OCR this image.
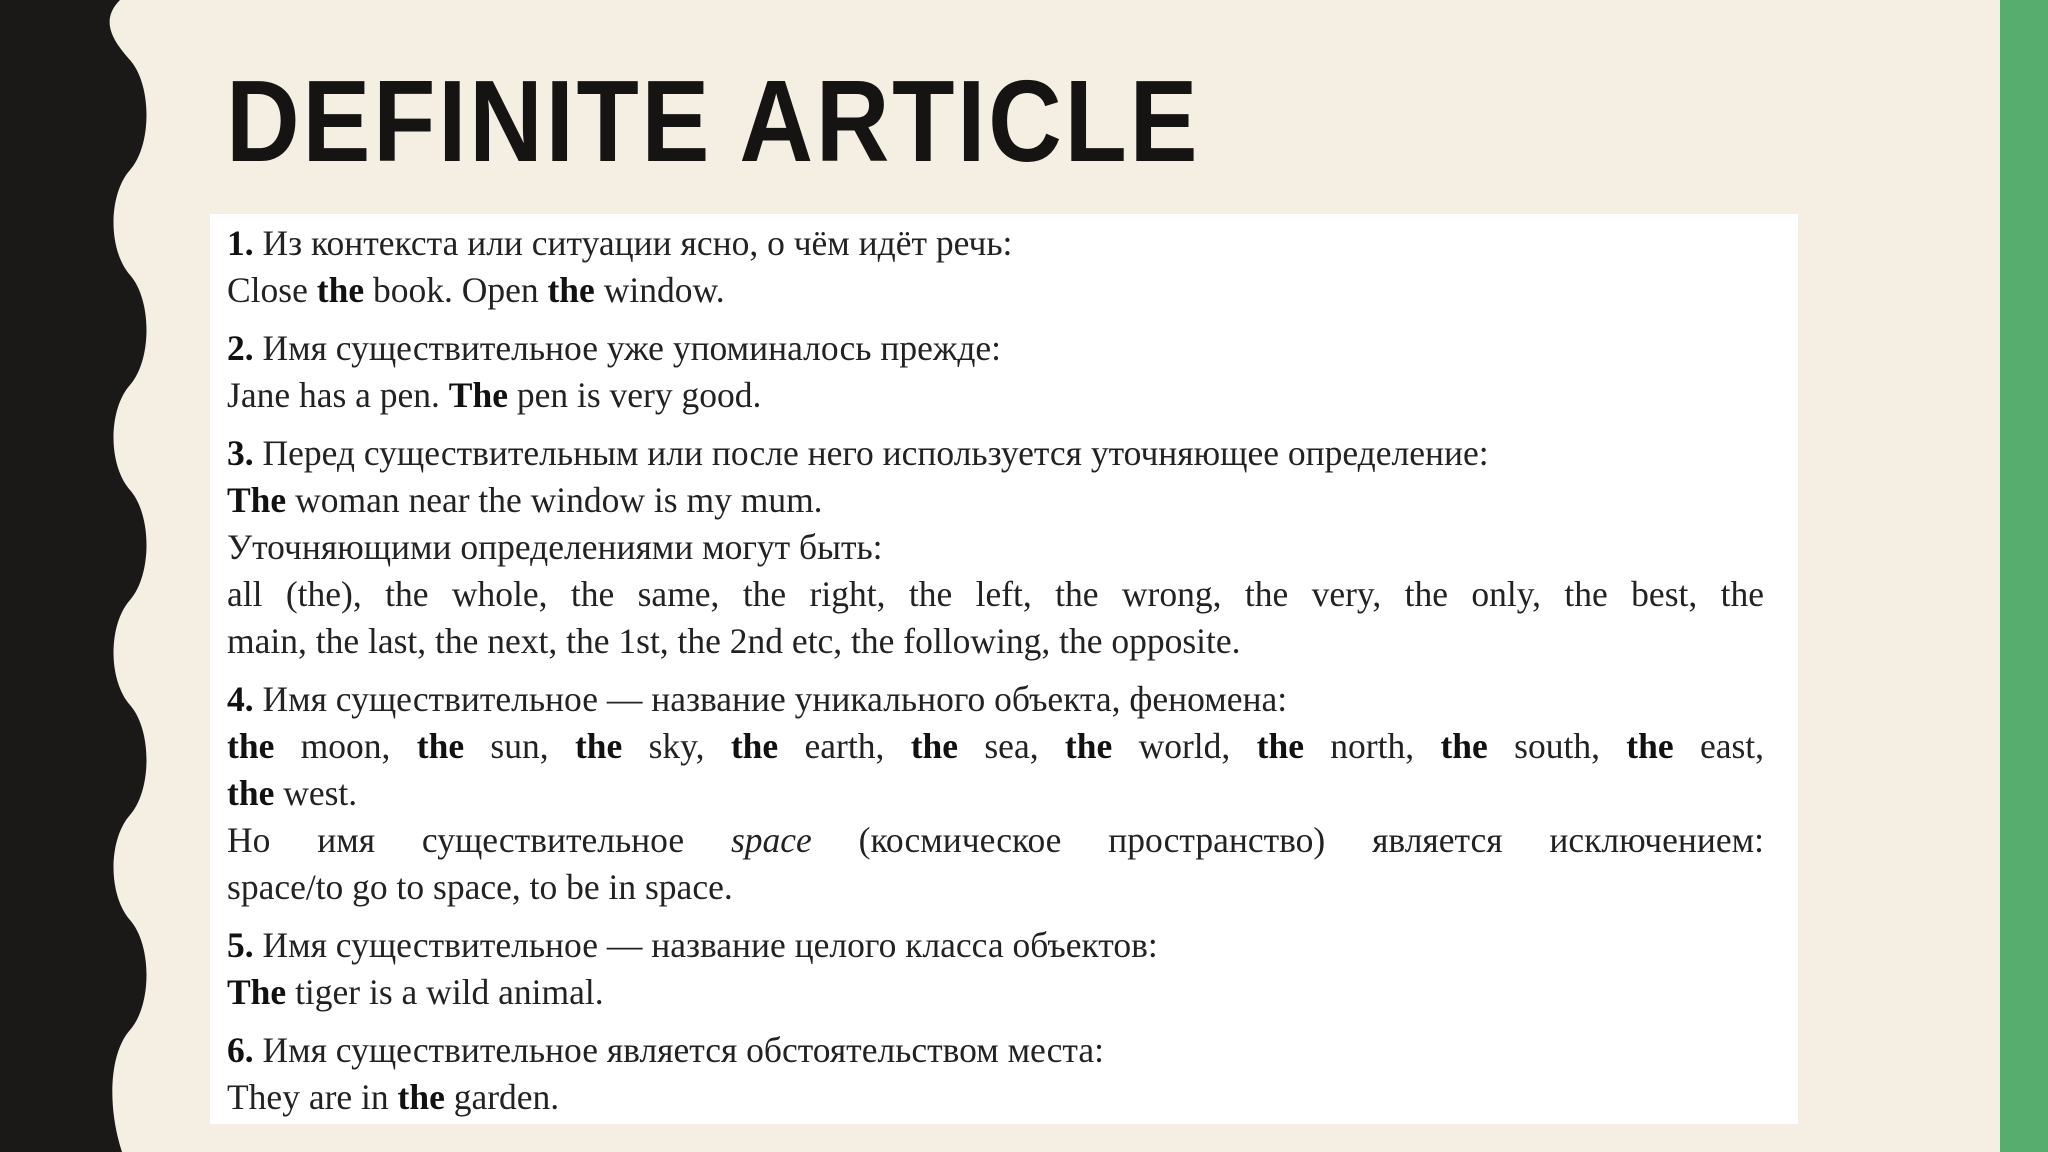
DEFINITE ARTICLE
1. Из контекста или ситуации ясно, о чём идёт речь:
Close the book. Open the window.
2. Имя существительное уже упоминалось прежде:
Jane has a pen. The pen is very good.
3. Перед существительным или после него используется уточняющее определение:
The woman near the window is my mum.
Уточняющими определениями могут быть:
all (the), the whole, the same, the right, the left, the wrong, the very, the only, the best, the
main, the last, the next, the 1st, the 2nd etc, the following, the opposite.
4. Имя существительное — название уникального объекта, феномена:
the moon, the sun, the sky, the earth, the sea, the world, the north, the south, the east,
the west.
Но имя существительное space (космическое пространство) является исключением:
space/to go to space, to be in space.
5. Имя существительное — название целого класса объектов:
The tiger is a wild animal.
6. Имя существительное является обстоятельством места:
They are in the garden.
